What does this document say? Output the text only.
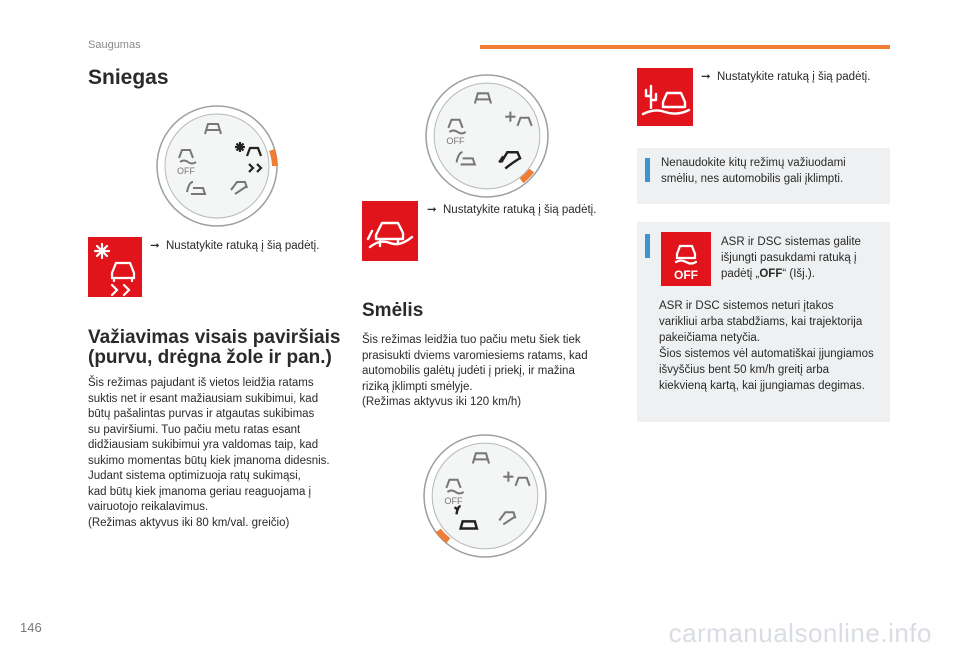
Saugumas
Sniegas
OFF
➞ Nustatykite ratuką į šią padėtį.
Važiavimas visais paviršiais (purvu, drėgna žole ir pan.)
Šis režimas pajudant iš vietos leidžia ratams
suktis net ir esant mažiausiam sukibimui, kad
būtų pašalintas purvas ir atgautas sukibimas
su paviršiumi. Tuo pačiu metu ratas esant
didžiausiam sukibimui yra valdomas taip, kad
sukimo momentas būtų kiek įmanoma didesnis.
Judant sistema optimizuoja ratų sukimąsi,
kad būtų kiek įmanoma geriau reaguojama į
vairuotojo reikalavimus.
(Režimas aktyvus iki 80 km/val. greičio)
OFF
➞ Nustatykite ratuką į šią padėtį.
Smėlis
Šis režimas leidžia tuo pačiu metu šiek tiek
prasisukti dviems varomiesiems ratams, kad
automobilis galėtų judėti į priekį, ir mažina
riziką įklimpti smėlyje.
(Režimas aktyvus iki 120 km/h)
OFF
➞ Nustatykite ratuką į šią padėtį.
Nenaudokite kitų režimų važiuodami
smėliu, nes automobilis gali įklimpti.
OFF
ASR ir DSC sistemas galite
išjungti pasukdami ratuką į
padėtį „OFF“ (Išj.).
ASR ir DSC sistemos neturi įtakos
varikliui arba stabdžiams, kai trajektorija
pakeičiama netyčia.
Šios sistemos vėl automatiškai įjungiamos
išvyščius bent 50 km/h greitį arba
kiekvieną kartą, kai įjungiamas degimas.
146	carmanualsonline.info
